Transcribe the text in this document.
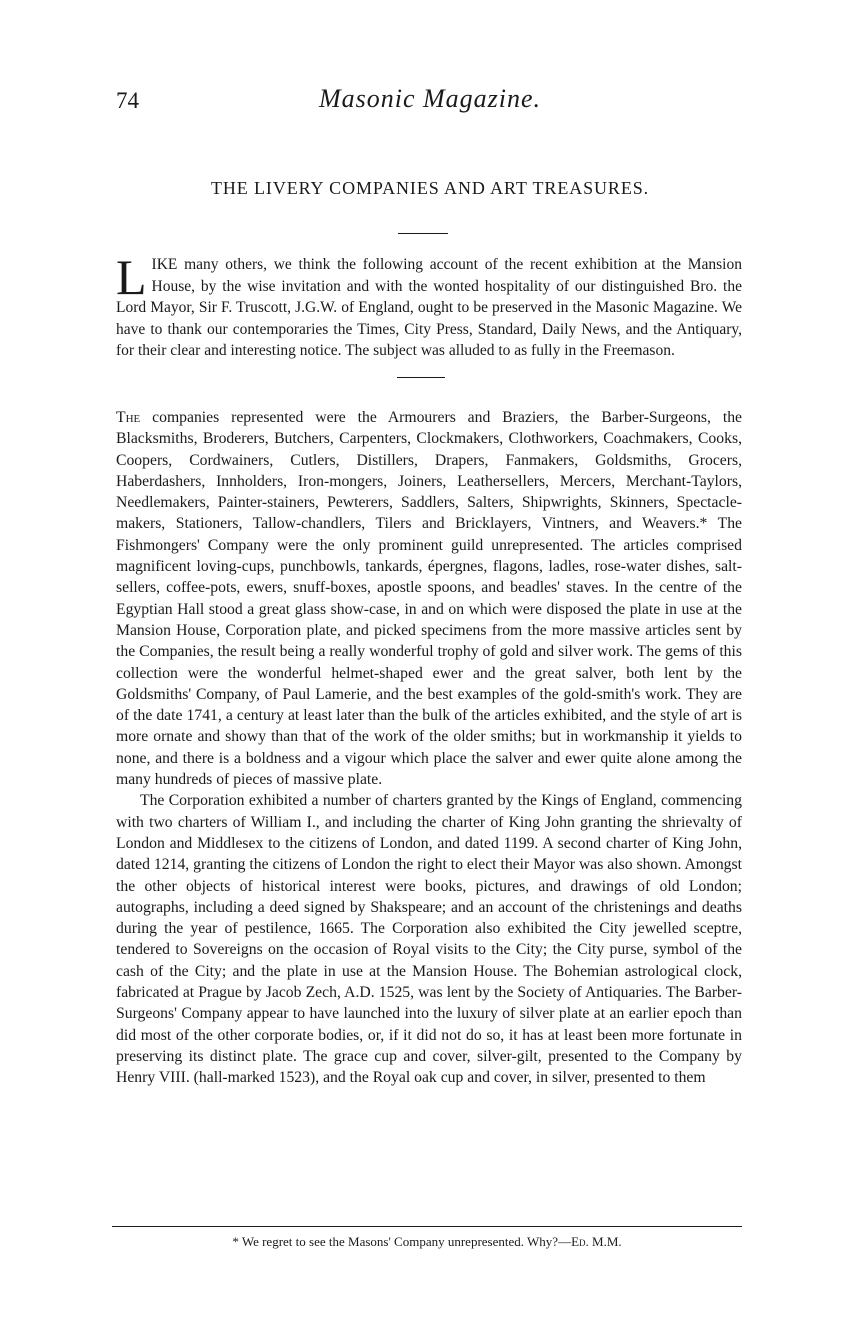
74	Masonic Magazine.
THE LIVERY COMPANIES AND ART TREASURES.

LIKE many others, we think the following account of the recent exhibition at the Mansion House, by the wise invitation and with the wonted hospitality of our distinguished Bro. the Lord Mayor, Sir F. Truscott, J.G.W. of England, ought to be preserved in the Masonic Magazine. We have to thank our contemporaries the Times, City Press, Standard, Daily News, and the Antiquary, for their clear and interesting notice. The subject was alluded to as fully in the Freemason.

The companies represented were the Armourers and Braziers, the Barber-Surgeons, the Blacksmiths, Broderers, Butchers, Carpenters, Clockmakers, Clothworkers, Coachmakers, Cooks, Coopers, Cordwainers, Cutlers, Distillers, Drapers, Fanmakers, Goldsmiths, Grocers, Haberdashers, Innholders, Iron-mongers, Joiners, Leathersellers, Mercers, Merchant-Taylors, Needlemakers, Painter-stainers, Pewterers, Saddlers, Salters, Shipwrights, Skinners, Spectacle-makers, Stationers, Tallow-chandlers, Tilers and Bricklayers, Vintners, and Weavers.* The Fishmongers' Company were the only prominent guild unrepresented. The articles comprised magnificent loving-cups, punchbowls, tankards, épergnes, flagons, ladles, rose-water dishes, salt-sellers, coffee-pots, ewers, snuff-boxes, apostle spoons, and beadles' staves. In the centre of the Egyptian Hall stood a great glass show-case, in and on which were disposed the plate in use at the Mansion House, Corporation plate, and picked specimens from the more massive articles sent by the Companies, the result being a really wonderful trophy of gold and silver work. The gems of this collection were the wonderful helmet-shaped ewer and the great salver, both lent by the Goldsmiths' Company, of Paul Lamerie, and the best examples of the gold-smith's work. They are of the date 1741, a century at least later than the bulk of the articles exhibited, and the style of art is more ornate and showy than that of the work of the older smiths; but in workmanship it yields to none, and there is a boldness and a vigour which place the salver and ewer quite alone among the many hundreds of pieces of massive plate.

The Corporation exhibited a number of charters granted by the Kings of England, commencing with two charters of William I., and including the charter of King John granting the shrievalty of London and Middlesex to the citizens of London, and dated 1199. A second charter of King John, dated 1214, granting the citizens of London the right to elect their Mayor was also shown. Amongst the other objects of historical interest were books, pictures, and drawings of old London; autographs, including a deed signed by Shakspeare; and an account of the christenings and deaths during the year of pestilence, 1665. The Corporation also exhibited the City jewelled sceptre, tendered to Sovereigns on the occasion of Royal visits to the City; the City purse, symbol of the cash of the City; and the plate in use at the Mansion House. The Bohemian astrological clock, fabricated at Prague by Jacob Zech, A.D. 1525, was lent by the Society of Antiquaries. The Barber-Surgeons' Company appear to have launched into the luxury of silver plate at an earlier epoch than did most of the other corporate bodies, or, if it did not do so, it has at least been more fortunate in preserving its distinct plate. The grace cup and cover, silver-gilt, presented to the Company by Henry VIII. (hall-marked 1523), and the Royal oak cup and cover, in silver, presented to them

* We regret to see the Masons' Company unrepresented. Why?—Ed. M.M.
